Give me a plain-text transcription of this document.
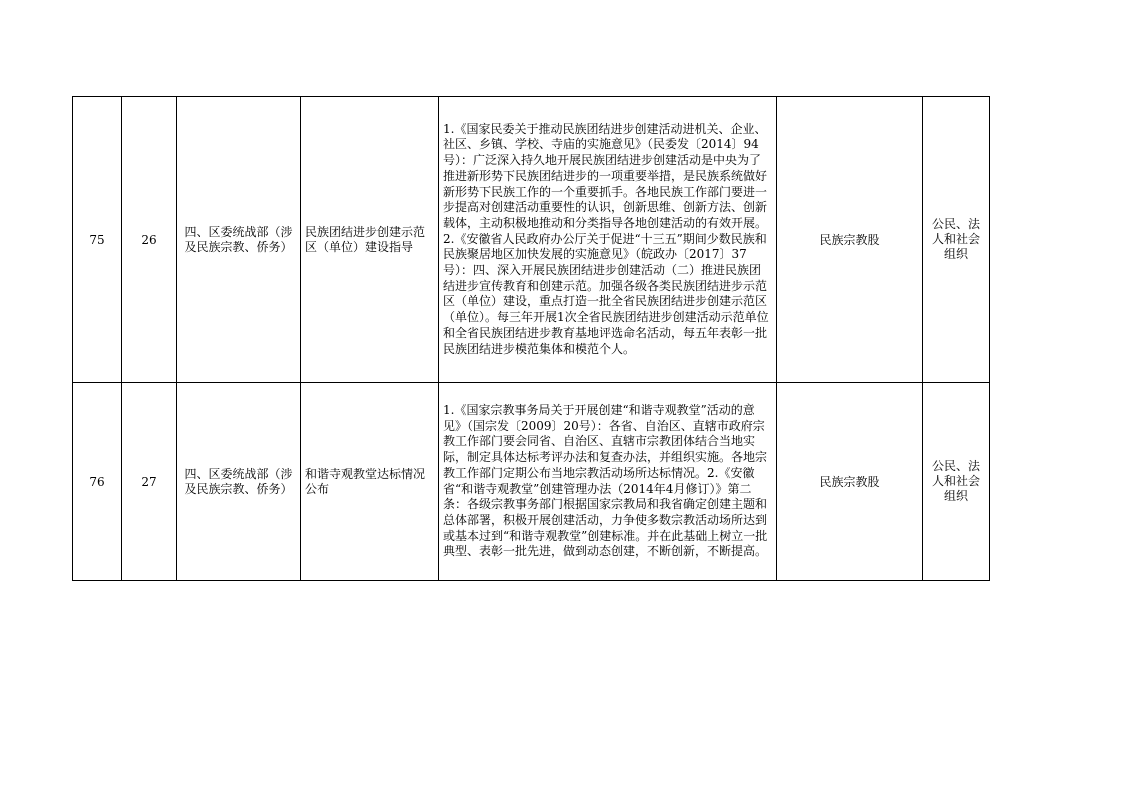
75	26	四、区委统战部（涉及民族宗教、侨务）	民族团结进步创建示范区（单位）建设指导	1.《国家民委关于推动民族团结进步创建活动进机关、企业、社区、乡镇、学校、寺庙的实施意见》（民委发〔2014〕94号）：广泛深入持久地开展民族团结进步创建活动是中央为了推进新形势下民族团结进步的一项重要举措，是民族系统做好新形势下民族工作的一个重要抓手。各地民族工作部门要进一步提高对创建活动重要性的认识，创新思维、创新方法、创新载体，主动积极地推动和分类指导各地创建活动的有效开展。

2.《安徽省人民政府办公厅关于促进“十三五”期间少数民族和民族聚居地区加快发展的实施意见》（皖政办〔2017〕37号）：四、深入开展民族团结进步创建活动（二）推进民族团结进步宣传教育和创建示范。加强各级各类民族团结进步示范区（单位）建设，重点打造一批全省民族团结进步创建示范区（单位）。每三年开展1次全省民族团结进步创建活动示范单位和全省民族团结进步教育基地评选命名活动，每五年表彰一批民族团结进步模范集体和模范个人。	民族宗教股	公民、法人和社会组织
76	27	四、区委统战部（涉及民族宗教、侨务）	和谐寺观教堂达标情况公布	1.《国家宗教事务局关于开展创建“和谐寺观教堂”活动的意见》（国宗发〔2009〕20号）：各省、自治区、直辖市政府宗教工作部门要会同省、自治区、直辖市宗教团体结合当地实际，制定具体达标考评办法和复查办法，并组织实施。各地宗教工作部门定期公布当地宗教活动场所达标情况。2.《安徽省“和谐寺观教堂”创建管理办法（2014年4月修订）》第二条：各级宗教事务部门根据国家宗教局和我省确定创建主题和总体部署，积极开展创建活动，力争使多数宗教活动场所达到或基本过到“和谐寺观教堂”创建标准。并在此基础上树立一批典型、表彰一批先进，做到动态创建，不断创新，不断提高。	民族宗教股	公民、法人和社会组织
